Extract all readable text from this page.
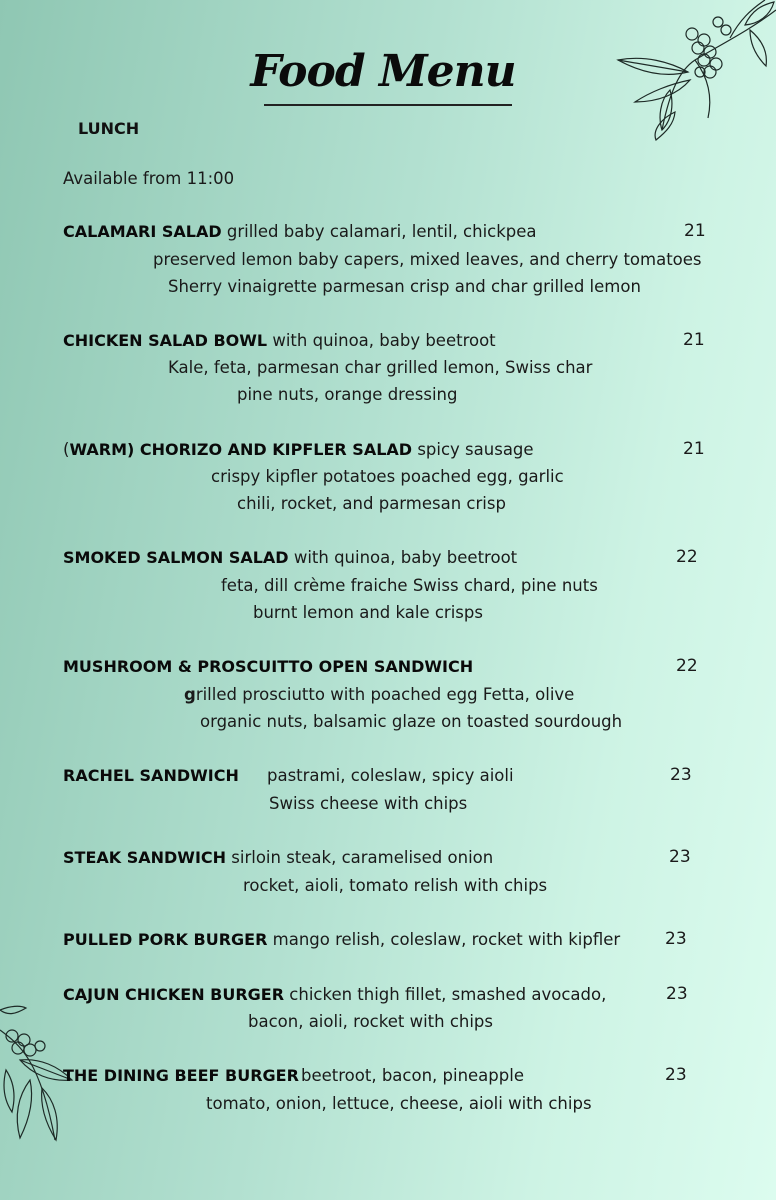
Food Menu
LUNCH
Available from 11:00
CALAMARI SALAD grilled baby calamari, lentil, chickpea	21
preserved lemon baby capers, mixed leaves, and cherry tomatoes
Sherry vinaigrette parmesan crisp and char grilled lemon
CHICKEN SALAD BOWL with quinoa, baby beetroot	21
Kale, feta, parmesan char grilled lemon, Swiss char
pine nuts, orange dressing
(WARM) CHORIZO AND KIPFLER SALAD spicy sausage	21
crispy kipfler potatoes poached egg, garlic
chili, rocket, and parmesan crisp
SMOKED SALMON SALAD with quinoa, baby beetroot	22
feta, dill crème fraiche Swiss chard, pine nuts
burnt lemon and kale crisps
MUSHROOM & PROSCUITTO OPEN SANDWICH	22
grilled prosciutto with poached egg Fetta, olive
organic nuts, balsamic glaze on toasted sourdough
RACHEL SANDWICH pastrami, coleslaw, spicy aioli	23
Swiss cheese with chips
STEAK SANDWICH sirloin steak, caramelised onion	23
rocket, aioli, tomato relish with chips
PULLED PORK BURGER mango relish, coleslaw, rocket with kipfler	23
CAJUN CHICKEN BURGER chicken thigh fillet, smashed avocado,	23
bacon, aioli, rocket with chips
THE DINING BEEF BURGER beetroot, bacon, pineapple	23
tomato, onion, lettuce, cheese, aioli with chips
